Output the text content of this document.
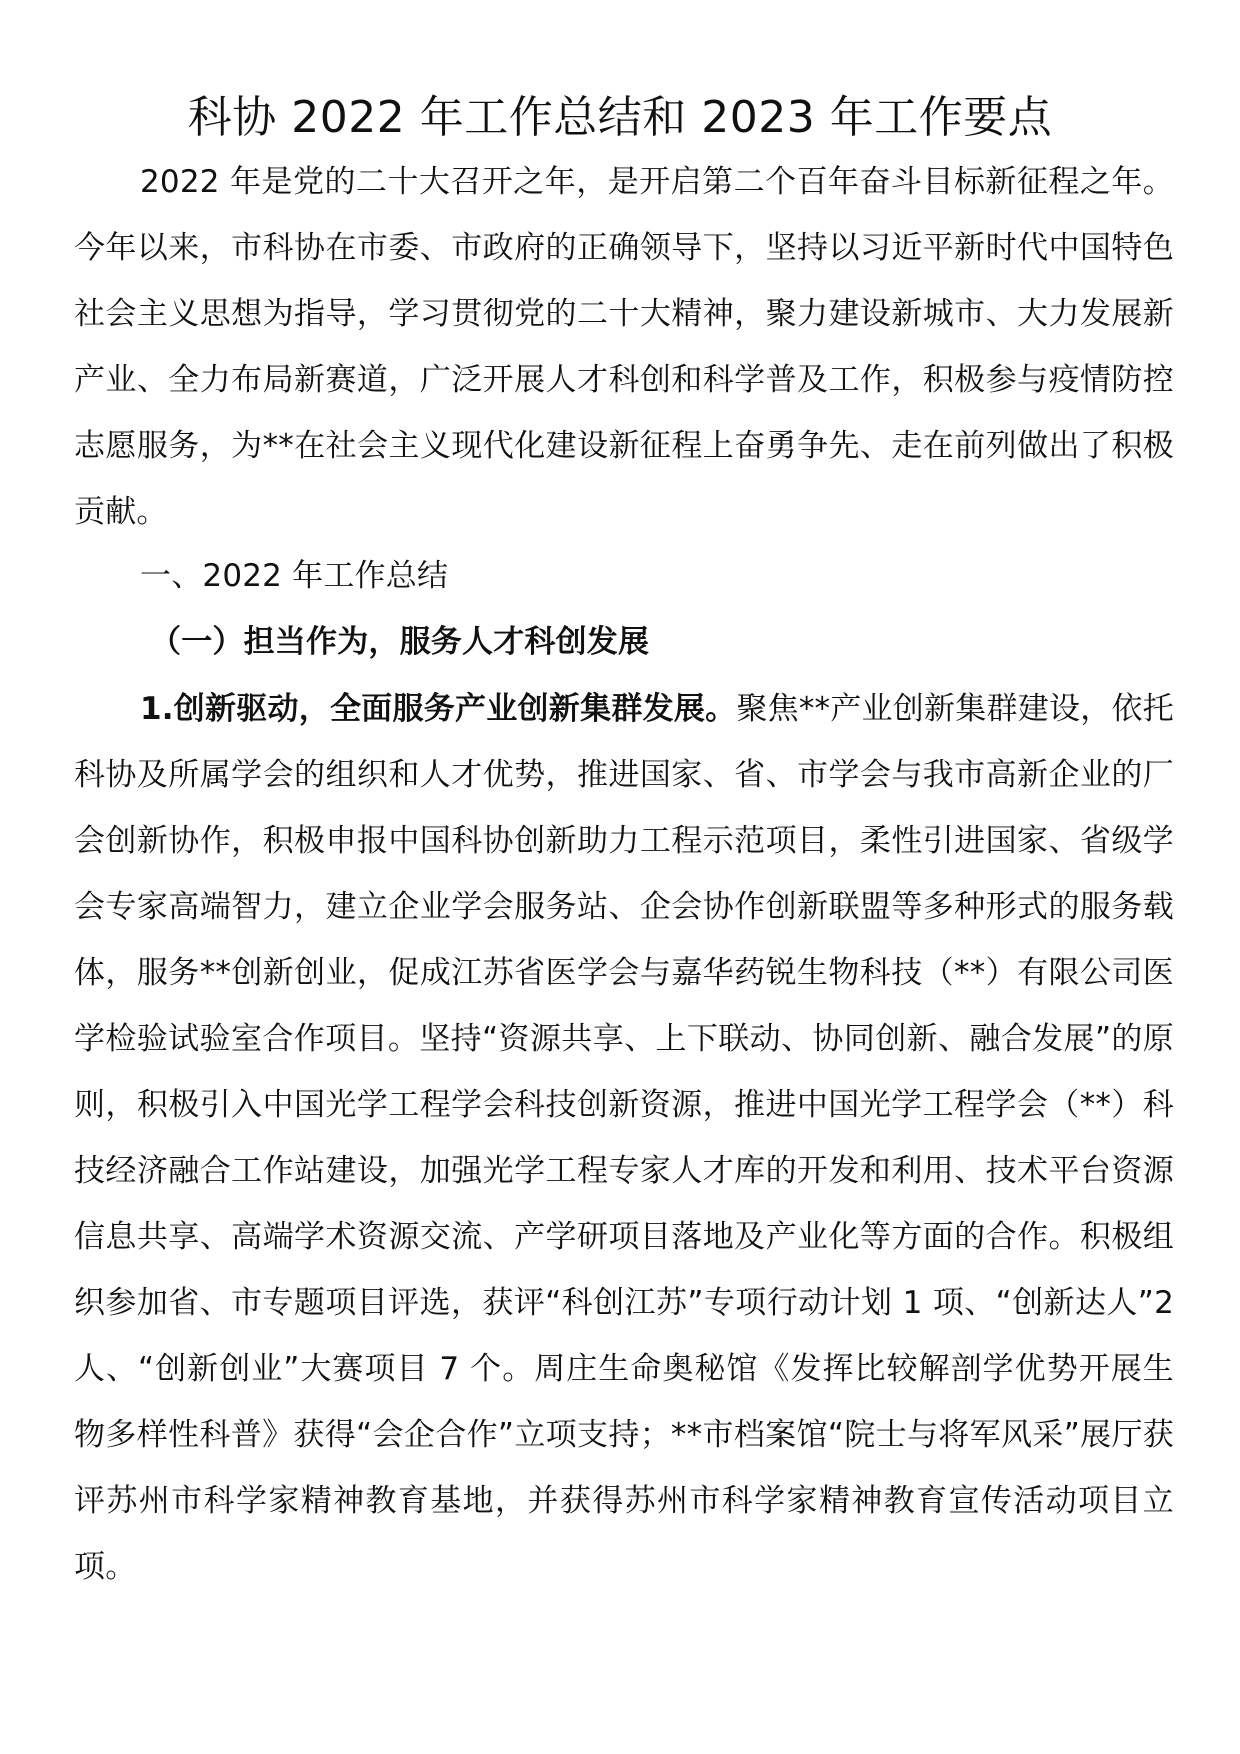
科协 2022 年工作总结和 2023 年工作要点
2022 年是党的二十大召开之年，是开启第二个百年奋斗目标新征程之年。今年以来，市科协在市委、市政府的正确领导下，坚持以习近平新时代中国特色社会主义思想为指导，学习贯彻党的二十大精神，聚力建设新城市、大力发展新产业、全力布局新赛道，广泛开展人才科创和科学普及工作，积极参与疫情防控志愿服务，为**在社会主义现代化建设新征程上奋勇争先、走在前列做出了积极贡献。
一、2022 年工作总结
（一）担当作为，服务人才科创发展
1.创新驱动，全面服务产业创新集群发展。聚焦**产业创新集群建设，依托科协及所属学会的组织和人才优势，推进国家、省、市学会与我市高新企业的厂会创新协作，积极申报中国科协创新助力工程示范项目，柔性引进国家、省级学会专家高端智力，建立企业学会服务站、企会协作创新联盟等多种形式的服务载体，服务**创新创业，促成江苏省医学会与嘉华药锐生物科技（**）有限公司医学检验试验室合作项目。坚持“资源共享、上下联动、协同创新、融合发展”的原则，积极引入中国光学工程学会科技创新资源，推进中国光学工程学会（**）科技经济融合工作站建设，加强光学工程专家人才库的开发和利用、技术平台资源信息共享、高端学术资源交流、产学研项目落地及产业化等方面的合作。积极组织参加省、市专题项目评选，获评“科创江苏”专项行动计划 1 项、“创新达人”2 人、“创新创业”大赛项目 7 个。周庄生命奥秘馆《发挥比较解剖学优势开展生物多样性科普》获得“会企合作”立项支持；**市档案馆“院士与将军风采”展厅获评苏州市科学家精神教育基地，并获得苏州市科学家精神教育宣传活动项目立项。
